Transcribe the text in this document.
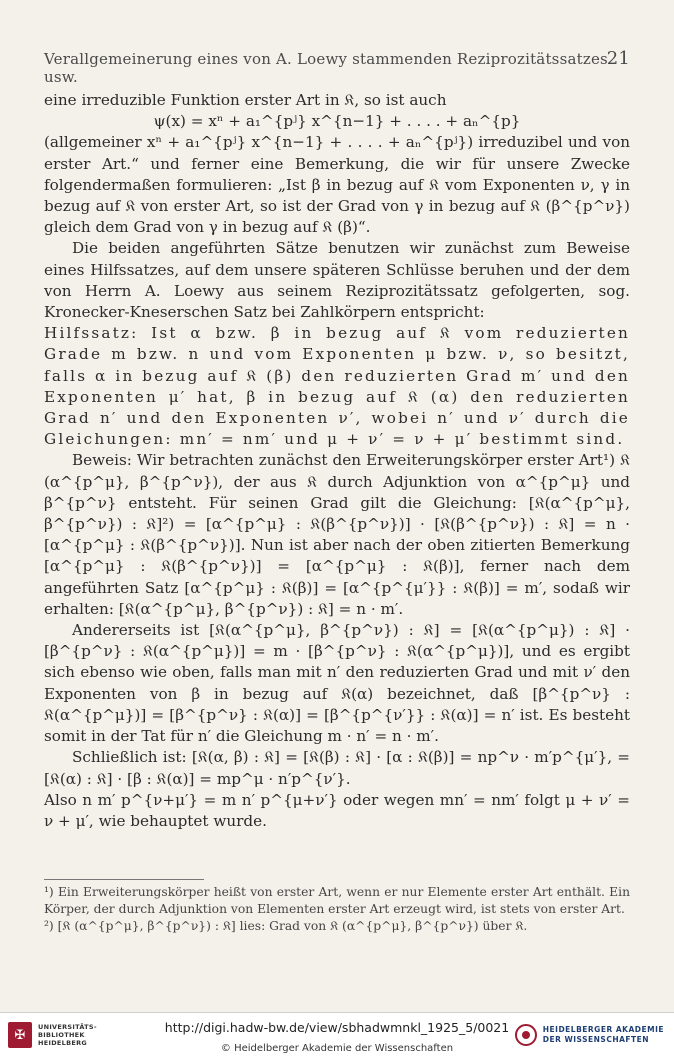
Verallgemeinerung eines von A. Loewy stammenden Reziprozitätssatzes usw.
21

eine irreduzible Funktion erster Art in 𝔎, so ist auch

ψ(x) = xⁿ + a₁^{pʲ} x^{n−1} + . . . . + aₙ^{p}

(allgemeiner xⁿ + a₁^{pʲ} x^{n−1} + . . . . + aₙ^{pʲ}) irreduzibel und von erster Art.“ und ferner eine Bemerkung, die wir für unsere Zwecke folgendermaßen formulieren: „Ist β in bezug auf 𝔎 vom Exponenten ν, γ in bezug auf 𝔎 von erster Art, so ist der Grad von γ in bezug auf 𝔎 (β^{p^ν}) gleich dem Grad von γ in bezug auf 𝔎 (β)“.

Die beiden angeführten Sätze benutzen wir zunächst zum Beweise eines Hilfssatzes, auf dem unsere späteren Schlüsse beruhen und der dem von Herrn A. Loewy aus seinem Reziprozitätssatz gefolgerten, sog. Kronecker-Kneserschen Satz bei Zahlkörpern entspricht:

Hilfssatz: Ist α bzw. β in bezug auf 𝔎 vom reduzierten Grade m bzw. n und vom Exponenten μ bzw. ν, so besitzt, falls α in bezug auf 𝔎 (β) den reduzierten Grad m′ und den Exponenten μ′ hat, β in bezug auf 𝔎 (α) den reduzierten Grad n′ und den Exponenten ν′, wobei n′ und ν′ durch die Gleichungen: mn′ = nm′ und μ + ν′ = ν + μ′ bestimmt sind.

Beweis: Wir betrachten zunächst den Erweiterungskörper erster Art¹) 𝔎 (α^{p^μ}, β^{p^ν}), der aus 𝔎 durch Adjunktion von α^{p^μ} und β^{p^ν} entsteht. Für seinen Grad gilt die Gleichung: [𝔎(α^{p^μ}, β^{p^ν}) : 𝔎]²) = [α^{p^μ} : 𝔎(β^{p^ν})] · [𝔎(β^{p^ν}) : 𝔎] = n · [α^{p^μ} : 𝔎(β^{p^ν})]. Nun ist aber nach der oben zitierten Bemerkung [α^{p^μ} : 𝔎(β^{p^ν})] = [α^{p^μ} : 𝔎(β)], ferner nach dem angeführten Satz [α^{p^μ} : 𝔎(β)] = [α^{p^{μ′}} : 𝔎(β)] = m′, sodaß wir erhalten: [𝔎(α^{p^μ}, β^{p^ν}) : 𝔎] = n · m′.

Andererseits ist [𝔎(α^{p^μ}, β^{p^ν}) : 𝔎] = [𝔎(α^{p^μ}) : 𝔎] · [β^{p^ν} : 𝔎(α^{p^μ})] = m · [β^{p^ν} : 𝔎(α^{p^μ})], und es ergibt sich ebenso wie oben, falls man mit n′ den reduzierten Grad und mit ν′ den Exponenten von β in bezug auf 𝔎(α) bezeichnet, daß [β^{p^ν} : 𝔎(α^{p^μ})] = [β^{p^ν} : 𝔎(α)] = [β^{p^{ν′}} : 𝔎(α)] = n′ ist. Es besteht somit in der Tat für n′ die Gleichung m · n′ = n · m′.

Schließlich ist: [𝔎(α, β) : 𝔎] = [𝔎(β) : 𝔎] · [α : 𝔎(β)] = np^ν · m′p^{μ′}, = [𝔎(α) : 𝔎] · [β : 𝔎(α)] = mp^μ · n′p^{ν′}.

Also n m′ p^{ν+μ′} = m n′ p^{μ+ν′} oder wegen mn′ = nm′ folgt μ + ν′ = ν + μ′, wie behauptet wurde.

¹) Ein Erweiterungskörper heißt von erster Art, wenn er nur Elemente erster Art enthält. Ein Körper, der durch Adjunktion von Elementen erster Art erzeugt wird, ist stets von erster Art.

²) [𝔎 (α^{p^μ}, β^{p^ν}) : 𝔎] lies: Grad von 𝔎 (α^{p^μ}, β^{p^ν}) über 𝔎.

✠
UNIVERSITÄTS-
BIBLIOTHEK
HEIDELBERG
http://digi.hadw-bw.de/view/sbhadwmnkl_1925_5/0021
© Heidelberger Akademie der Wissenschaften
HEIDELBERGER AKADEMIE
DER WISSENSCHAFTEN
